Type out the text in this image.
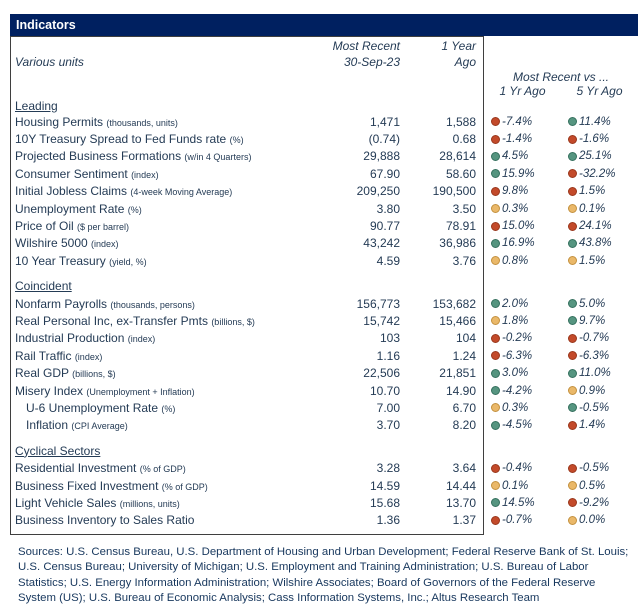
Indicators
Most Recent	1 Year
Various units	30-Sep-23	Ago
Most Recent vs ...
1 Yr Ago	5 Yr Ago
Leading
Housing Permits (thousands, units)	1,471	1,588	-7.4%	11.4%
10Y Treasury Spread to Fed Funds rate (%)	(0.74)	0.68	-1.4%	-1.6%
Projected Business Formations (w/in 4 Quarters)	29,888	28,614	4.5%	25.1%
Consumer Sentiment (index)	67.90	58.60	15.9%	-32.2%
Initial Jobless Claims (4-week Moving Average)	209,250	190,500	9.8%	1.5%
Unemployment Rate (%)	3.80	3.50	0.3%	0.1%
Price of Oil ($ per barrel)	90.77	78.91	15.0%	24.1%
Wilshire 5000 (index)	43,242	36,986	16.9%	43.8%
10 Year Treasury (yield, %)	4.59	3.76	0.8%	1.5%
Coincident
Nonfarm Payrolls (thousands, persons)	156,773	153,682	2.0%	5.0%
Real Personal Inc, ex-Transfer Pmts (billions, $)	15,742	15,466	1.8%	9.7%
Industrial Production (index)	103	104	-0.2%	-0.7%
Rail Traffic (index)	1.16	1.24	-6.3%	-6.3%
Real GDP (billions, $)	22,506	21,851	3.0%	11.0%
Misery Index (Unemployment + Inflation)	10.70	14.90	-4.2%	0.9%
U-6 Unemployment Rate (%)	7.00	6.70	0.3%	-0.5%
Inflation (CPI Average)	3.70	8.20	-4.5%	1.4%
Cyclical Sectors
Residential Investment (% of GDP)	3.28	3.64	-0.4%	-0.5%
Business Fixed Investment (% of GDP)	14.59	14.44	0.1%	0.5%
Light Vehicle Sales (millions, units)	15.68	13.70	14.5%	-9.2%
Business Inventory to Sales Ratio	1.36	1.37	-0.7%	0.0%
Sources: U.S. Census Bureau, U.S. Department of Housing and Urban Development; Federal Reserve Bank of St. Louis; U.S. Census Bureau; University of Michigan; U.S. Employment and Training Administration; U.S. Bureau of Labor Statistics; U.S. Energy Information Administration; Wilshire Associates; Board of Governors of the Federal Reserve System (US); U.S. Bureau of Economic Analysis; Cass Information Systems, Inc.; Altus Research Team
